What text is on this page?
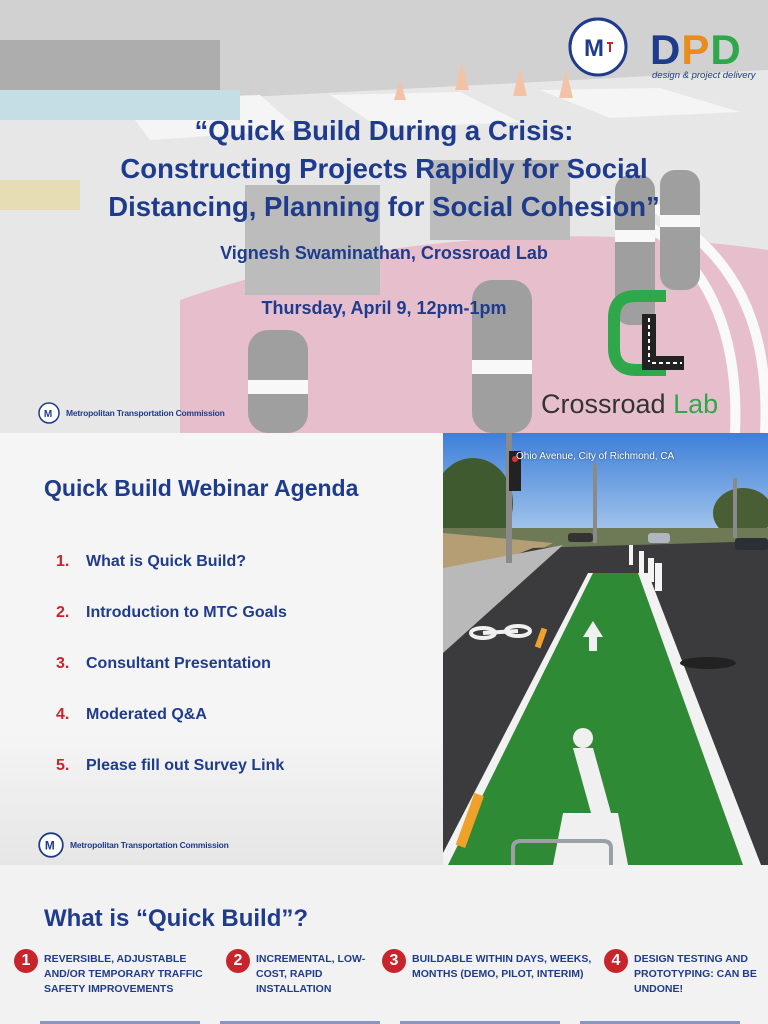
M DPD
design & project delivery
“Quick Build During a Crisis:
Constructing Projects Rapidly for Social
Distancing, Planning for Social Cohesion”
Vignesh Swaminathan, Crossroad Lab
Thursday, April 9, 12pm-1pm
Crossroad Lab
M Metropolitan Transportation Commission
Quick Build Webinar Agenda
1.	What is Quick Build?
2.	Introduction to MTC Goals
3.	Consultant Presentation
4.	Moderated Q&A
5.	Please fill out Survey Link
Ohio Avenue, City of Richmond, CA
M Metropolitan Transportation Commission
What is “Quick Build”?
1	REVERSIBLE, ADJUSTABLE
AND/OR TEMPORARY TRAFFIC
SAFETY IMPROVEMENTS
2	INCREMENTAL, LOW-
COST, RAPID
INSTALLATION
3	BUILDABLE WITHIN DAYS, WEEKS,
MONTHS (DEMO, PILOT, INTERIM)
4	DESIGN TESTING AND
PROTOTYPING: CAN BE
UNDONE!
